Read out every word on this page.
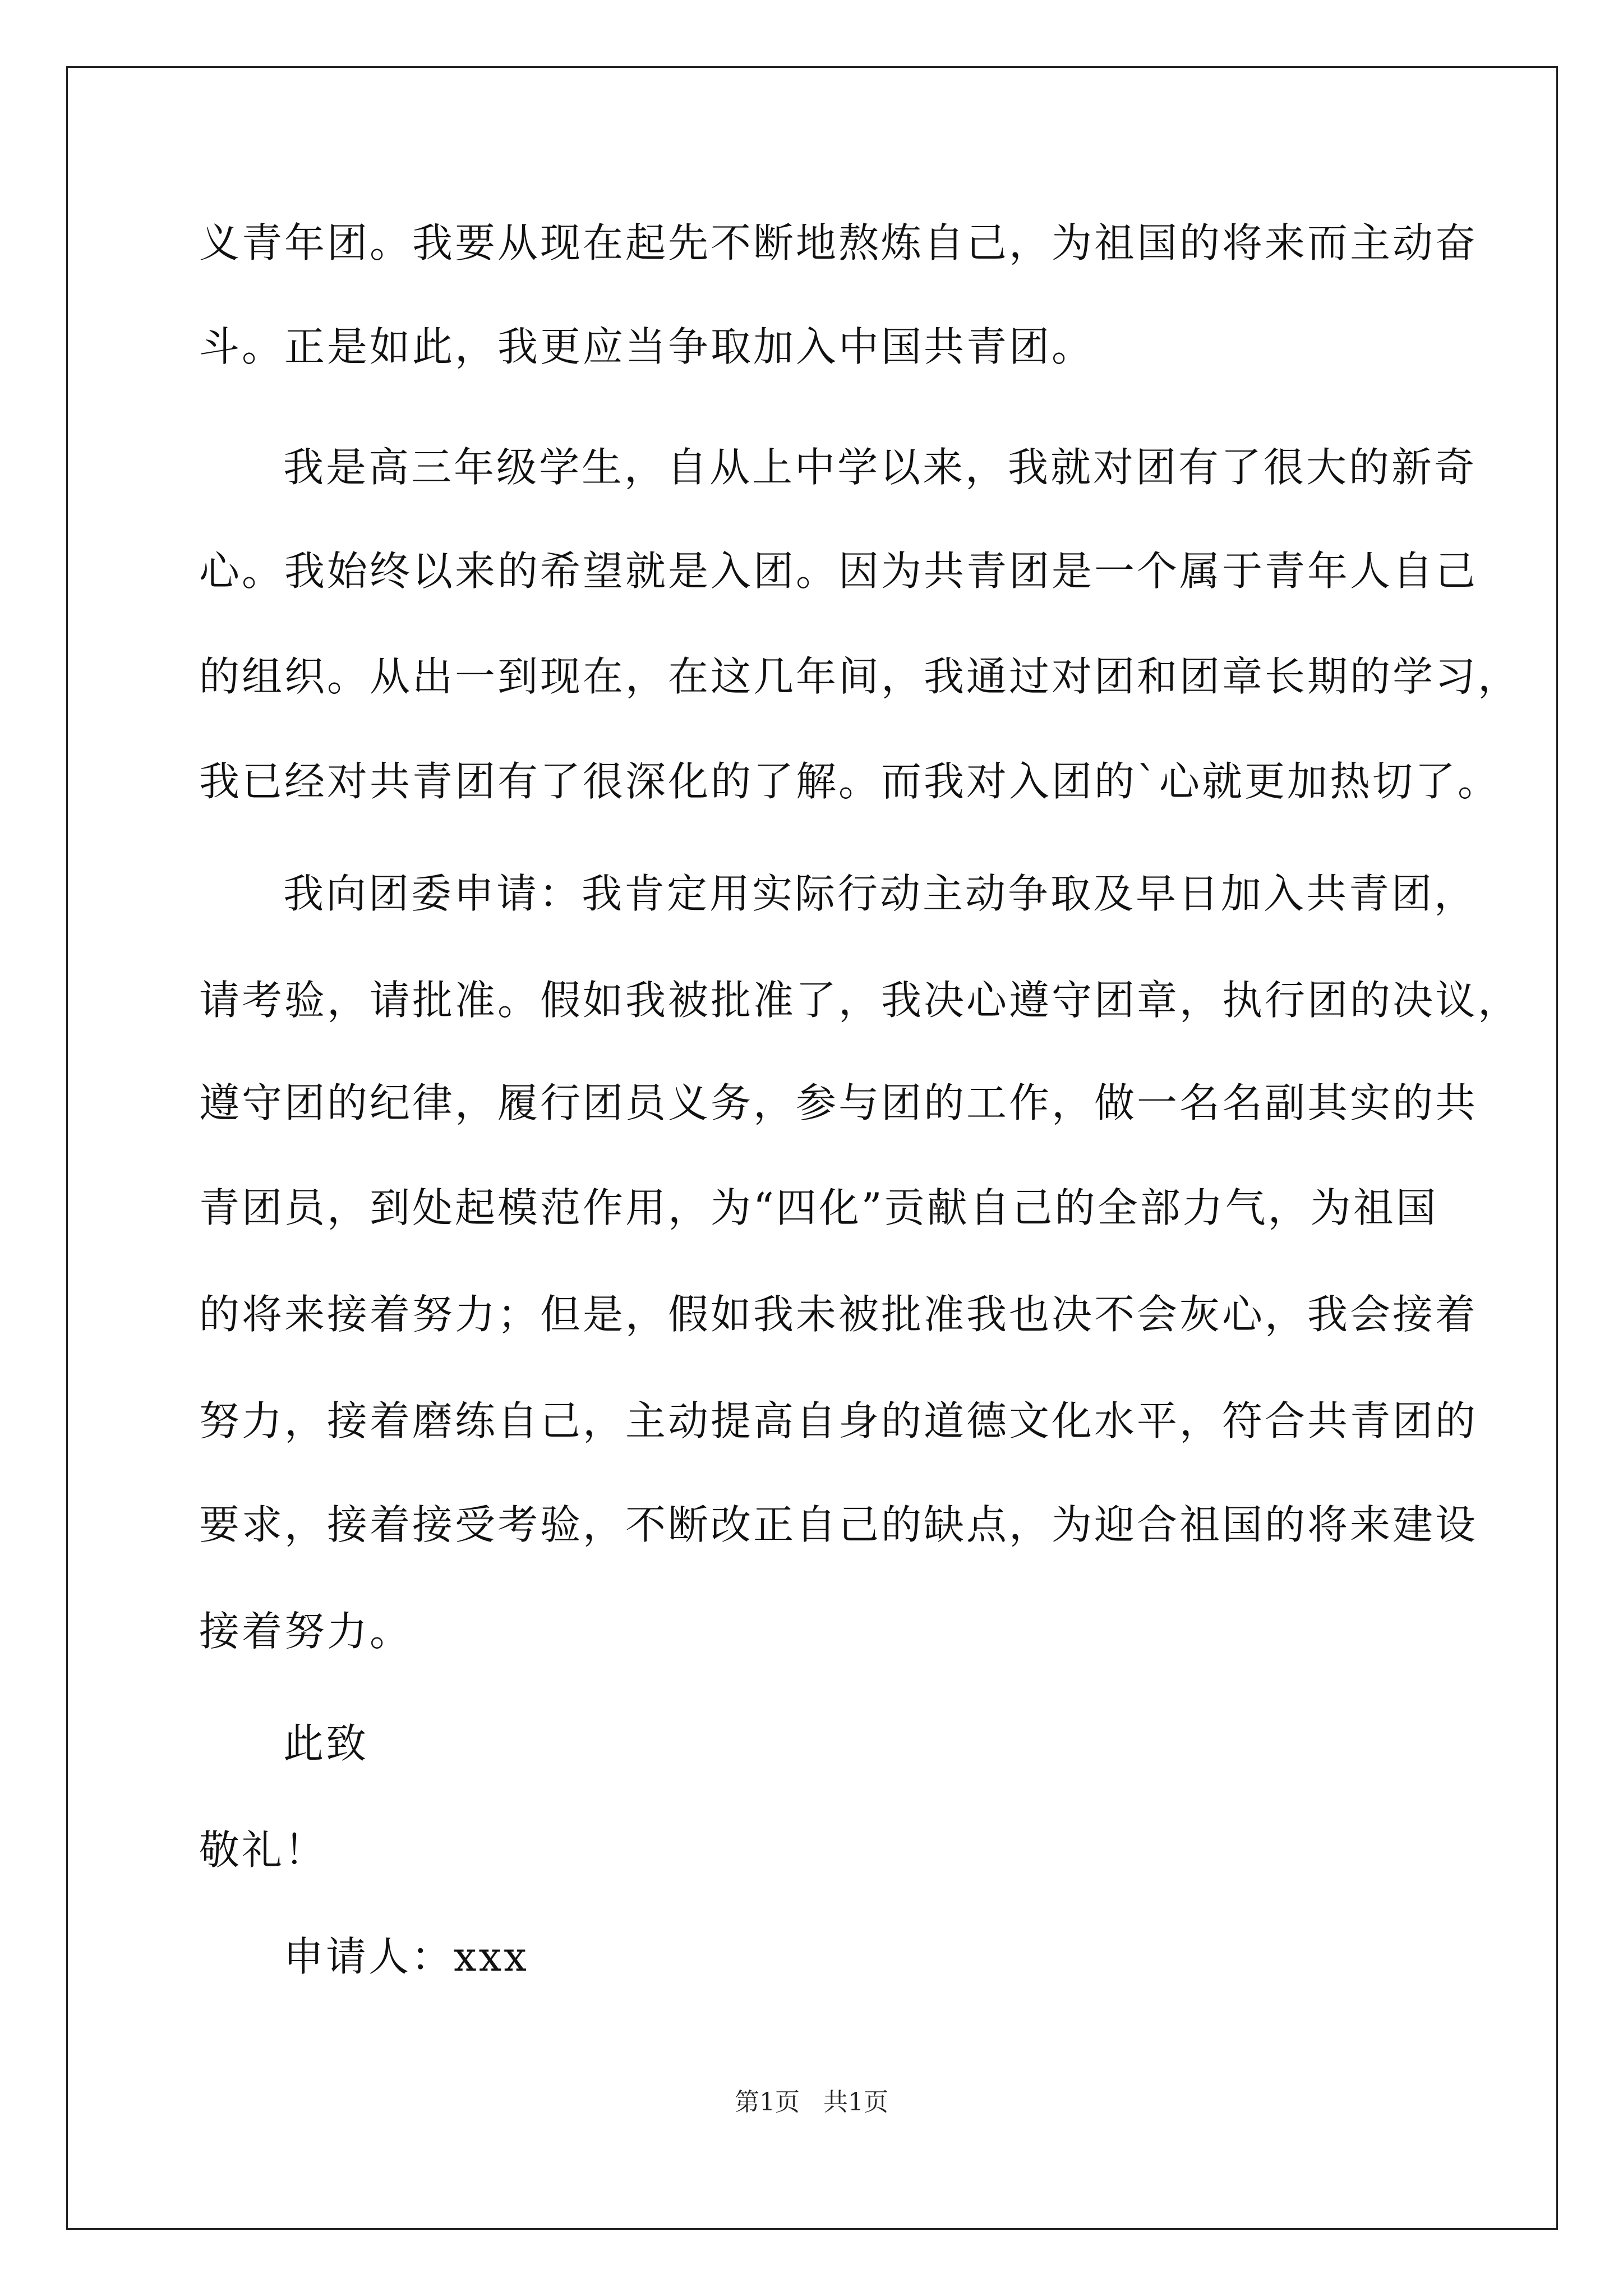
义青年团。我要从现在起先不断地熬炼自己，为祖国的将来而主动奋
斗。正是如此，我更应当争取加入中国共青团。
我是高三年级学生，自从上中学以来，我就对团有了很大的新奇
心。我始终以来的希望就是入团。因为共青团是一个属于青年人自己
的组织。从出一到现在，在这几年间，我通过对团和团章长期的学习，
我已经对共青团有了很深化的了解。而我对入团的`心就更加热切了。
我向团委申请：我肯定用实际行动主动争取及早日加入共青团，
请考验，请批准。假如我被批准了，我决心遵守团章，执行团的决议，
遵守团的纪律，履行团员义务，参与团的工作，做一名名副其实的共
青团员，到处起模范作用，为“四化”贡献自己的全部力气，为祖国
的将来接着努力；但是，假如我未被批准我也决不会灰心，我会接着
努力，接着磨练自己，主动提高自身的道德文化水平，符合共青团的
要求，接着接受考验，不断改正自己的缺点，为迎合祖国的将来建设
接着努力。
此致
敬礼！
申请人：xxx
第1页   共1页
